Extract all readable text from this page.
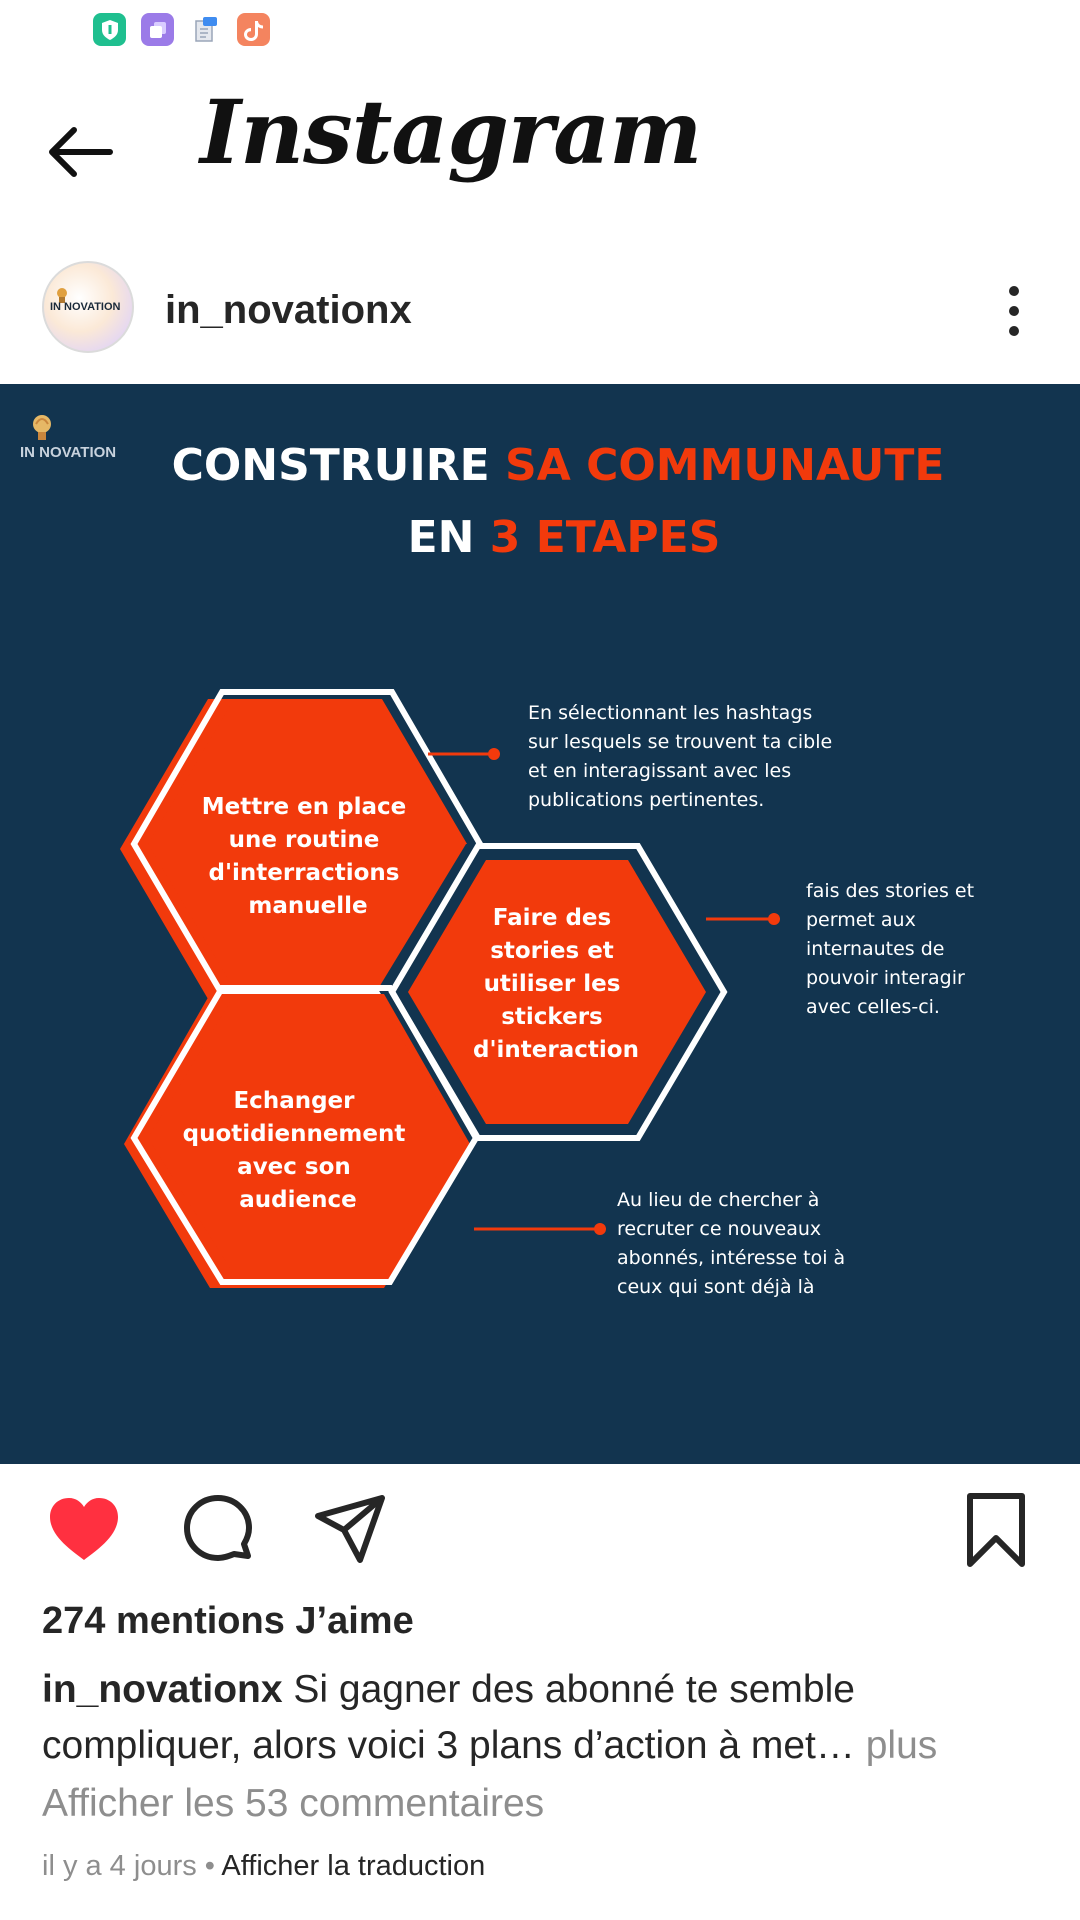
Instagram
IN NOVATION in_novationx
IN NOVATION CONSTRUIRE SA COMMUNAUTE
EN 3 ETAPES
Mettre en place une routine d'interractions manuelle	Faire des stories et utiliser les stickers d'interaction
Echanger quotidiennement avec son audience
En sélectionnant les hashtags sur lesquels se trouvent ta cible et en interagissant avec les publications pertinentes.
fais des stories et permet aux internautes de pouvoir interagir avec celles-ci.
Au lieu de chercher à recruter ce nouveaux abonnés, intéresse toi à ceux qui sont déjà là
274 mentions J’aime
in_novationx Si gagner des abonné te semble compliquer, alors voici 3 plans d’action à met… plus
Afficher les 53 commentaires
il y a 4 jours • Afficher la traduction
